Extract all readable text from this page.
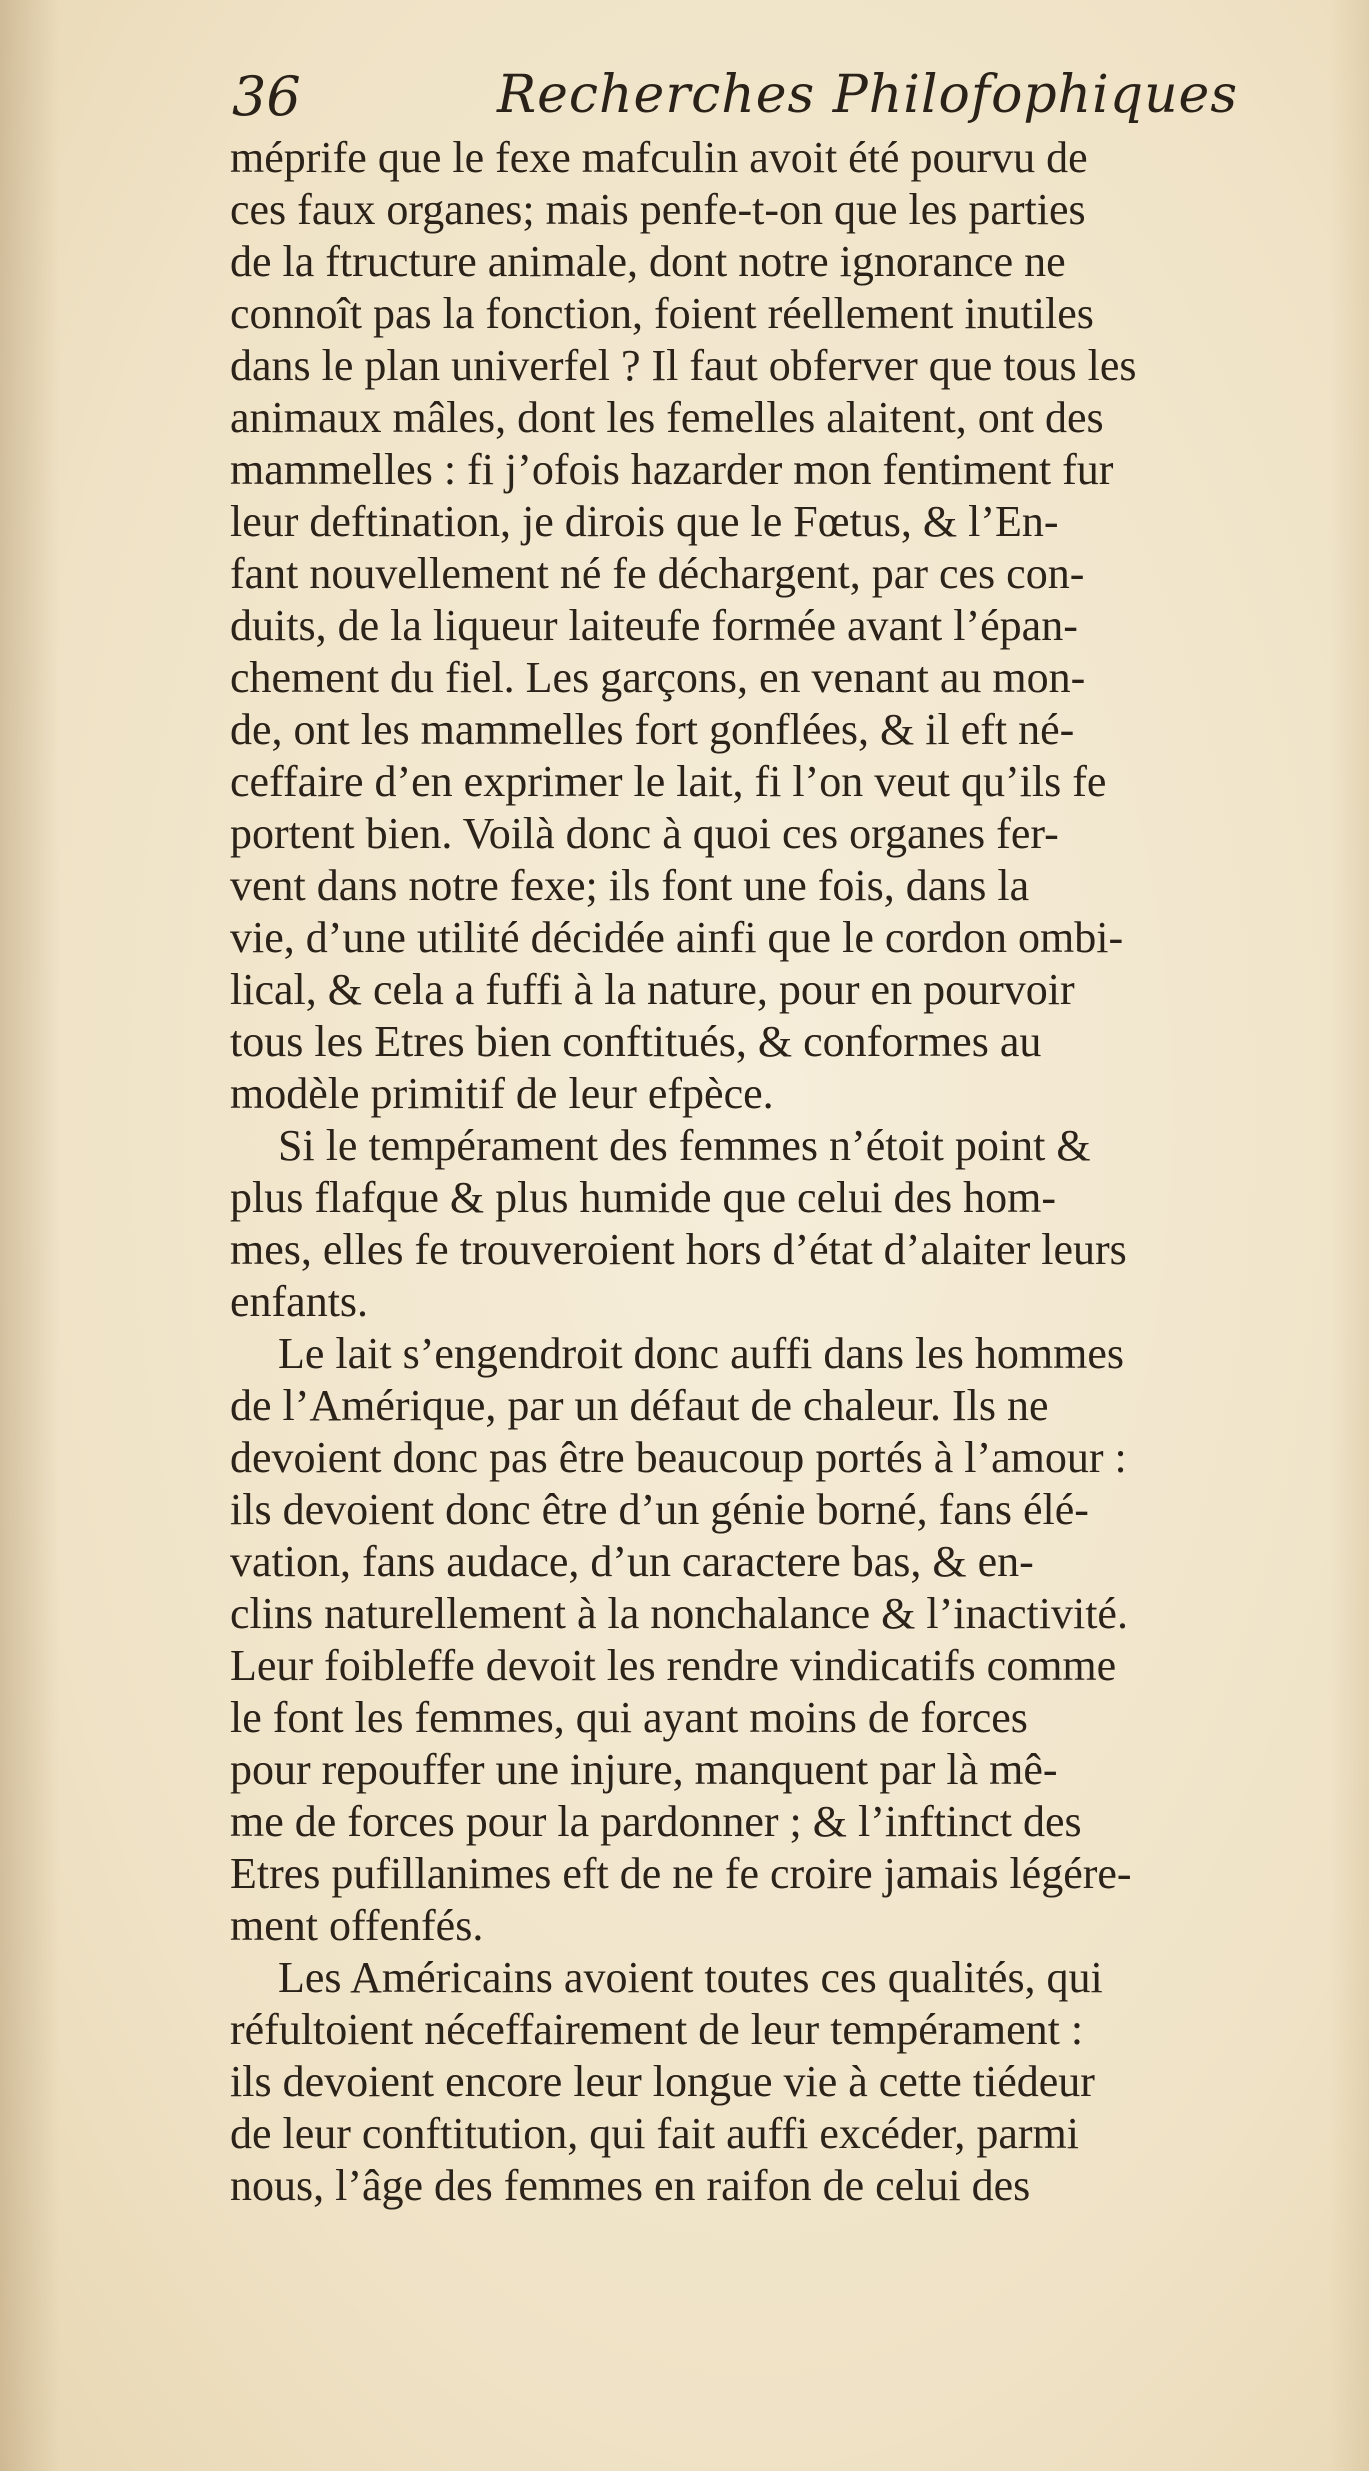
36	Recherches Philofophiques
méprife que le fexe mafculin avoit été pourvu de
ces faux organes; mais penfe-t-on que les parties
de la ftructure animale, dont notre ignorance ne
connoît pas la fonction, foient réellement inutiles
dans le plan univerfel ? Il faut obferver que tous les
animaux mâles, dont les femelles alaitent, ont des
mammelles : fi j’ofois hazarder mon fentiment fur
leur deftination, je dirois que le Fœtus, & l’En-
fant nouvellement né fe déchargent, par ces con-
duits, de la liqueur laiteufe formée avant l’épan-
chement du fiel. Les garçons, en venant au mon-
de, ont les mammelles fort gonflées, & il eft né-
ceffaire d’en exprimer le lait, fi l’on veut qu’ils fe
portent bien. Voilà donc à quoi ces organes fer-
vent dans notre fexe; ils font une fois, dans la
vie, d’une utilité décidée ainfi que le cordon ombi-
lical, & cela a fuffi à la nature, pour en pourvoir
tous les Etres bien conftitués, & conformes au
modèle primitif de leur efpèce.
Si le tempérament des femmes n’étoit point &
plus flafque & plus humide que celui des hom-
mes, elles fe trouveroient hors d’état d’alaiter leurs
enfants.
Le lait s’engendroit donc auffi dans les hommes
de l’Amérique, par un défaut de chaleur. Ils ne
devoient donc pas être beaucoup portés à l’amour :
ils devoient donc être d’un génie borné, fans élé-
vation, fans audace, d’un caractere bas, & en-
clins naturellement à la nonchalance & l’inactivité.
Leur foibleffe devoit les rendre vindicatifs comme
le font les femmes, qui ayant moins de forces
pour repouffer une injure, manquent par là mê-
me de forces pour la pardonner ; & l’inftinct des
Etres pufillanimes eft de ne fe croire jamais légére-
ment offenfés.
Les Américains avoient toutes ces qualités, qui
réfultoient néceffairement de leur tempérament :
ils devoient encore leur longue vie à cette tiédeur
de leur conftitution, qui fait auffi excéder, parmi
nous, l’âge des femmes en raifon de celui des
